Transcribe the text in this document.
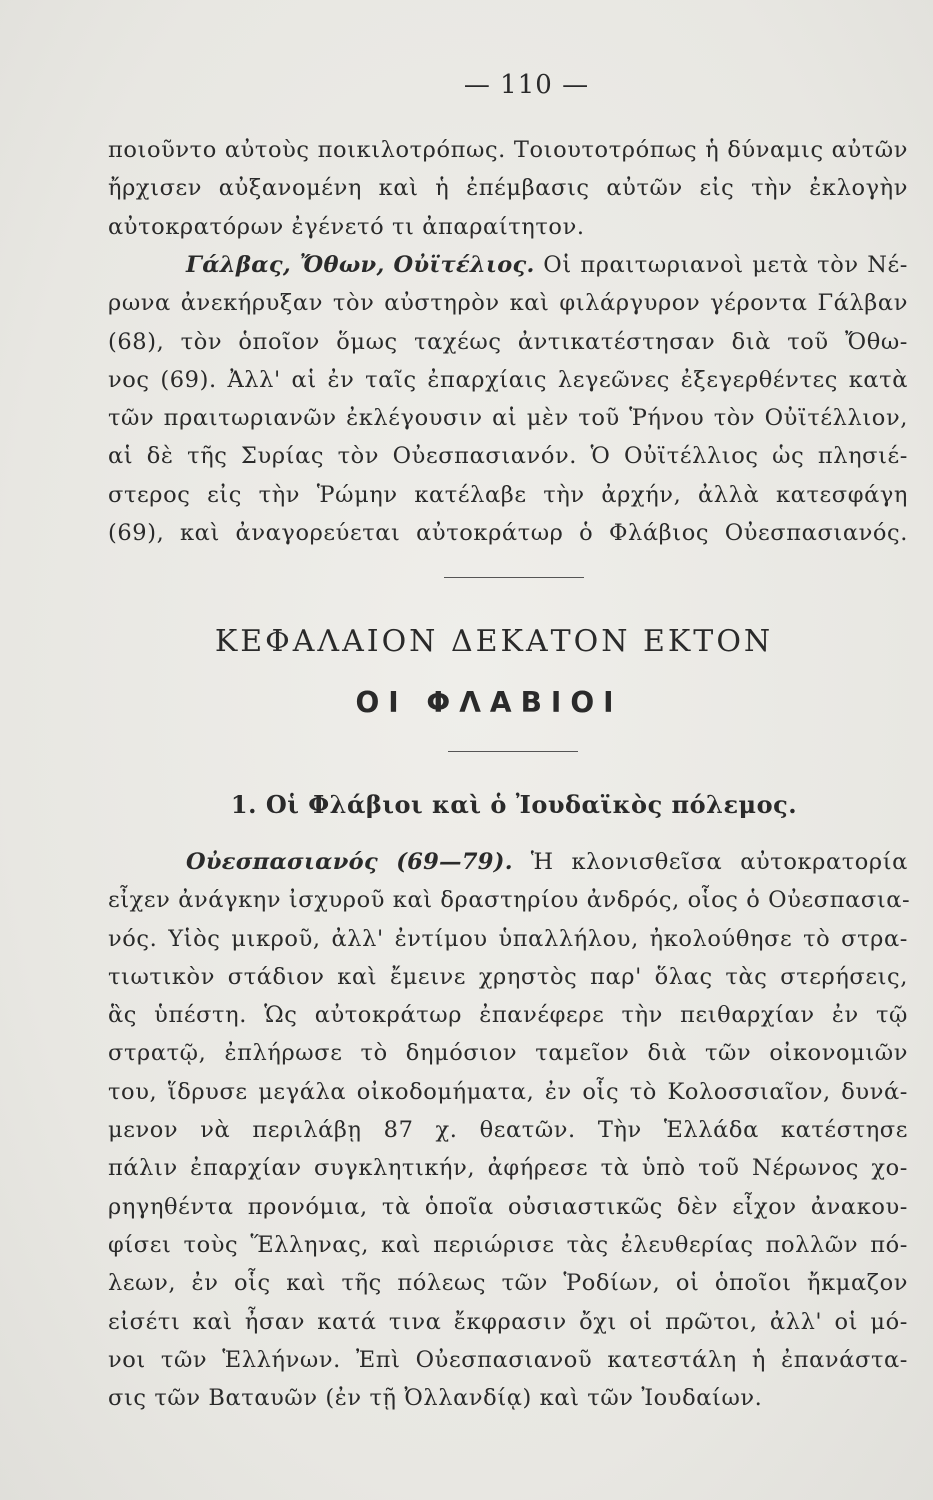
— 110 —
ποιοῦντο αὐτοὺς ποικιλοτρόπως. Τοιουτοτρόπως ἡ δύναμις αὐτῶν
ἤρχισεν αὐξανομένη καὶ ἡ ἐπέμβασις αὐτῶν εἰς τὴν ἐκλογὴν
αὐτοκρατόρων ἐγένετό τι ἀπαραίτητον.
Γάλβας, Ὄθων, Οὐϊτέλιος. Οἱ πραιτωριανοὶ μετὰ τὸν Νέ-
ρωνα ἀνεκήρυξαν τὸν αὐστηρὸν καὶ φιλάργυρον γέροντα Γάλβαν
(68), τὸν ὁποῖον ὅμως ταχέως ἀντικατέστησαν διὰ τοῦ Ὄθω-
νος (69). Ἀλλ' αἱ ἐν ταῖς ἐπαρχίαις λεγεῶνες ἐξεγερθέντες κατὰ
τῶν πραιτωριανῶν ἐκλέγουσιν αἱ μὲν τοῦ Ῥήνου τὸν Οὐϊτέλλιον,
αἱ δὲ τῆς Συρίας τὸν Οὐεσπασιανόν. Ὁ Οὐϊτέλλιος ὡς πλησιέ-
στερος εἰς τὴν Ῥώμην κατέλαβε τὴν ἀρχήν, ἀλλὰ κατεσφάγη
(69), καὶ ἀναγορεύεται αὐτοκράτωρ ὁ Φλάβιος Οὐεσπασιανός.
ΚΕΦΑΛΑΙΟΝ ΔΕΚΑΤΟΝ ΕΚΤΟΝ
ΟΙ ΦΛΑΒΙΟΙ
1. Οἱ Φλάβιοι καὶ ὁ Ἰουδαϊκὸς πόλεμος.
Οὐεσπασιανός (69—79). Ἡ κλονισθεῖσα αὐτοκρατορία
εἶχεν ἀνάγκην ἰσχυροῦ καὶ δραστηρίου ἀνδρός, οἷος ὁ Οὐεσπασια-
νός. Υἱὸς μικροῦ, ἀλλ' ἐντίμου ὑπαλλήλου, ἠκολούθησε τὸ στρα-
τιωτικὸν στάδιον καὶ ἔμεινε χρηστὸς παρ' ὅλας τὰς στερήσεις,
ἃς ὑπέστη. Ὡς αὐτοκράτωρ ἐπανέφερε τὴν πειθαρχίαν ἐν τῷ
στρατῷ, ἐπλήρωσε τὸ δημόσιον ταμεῖον διὰ τῶν οἰκονομιῶν
του, ἵδρυσε μεγάλα οἰκοδομήματα, ἐν οἷς τὸ Κολοσσιαῖον, δυνά-
μενον νὰ περιλάβῃ 87 χ. θεατῶν. Τὴν Ἑλλάδα κατέστησε
πάλιν ἐπαρχίαν συγκλητικήν, ἀφήρεσε τὰ ὑπὸ τοῦ Νέρωνος χο-
ρηγηθέντα προνόμια, τὰ ὁποῖα οὐσιαστικῶς δὲν εἶχον ἀνακου-
φίσει τοὺς Ἕλληνας, καὶ περιώρισε τὰς ἐλευθερίας πολλῶν πό-
λεων, ἐν οἷς καὶ τῆς πόλεως τῶν Ῥοδίων, οἱ ὁποῖοι ἤκμαζον
εἰσέτι καὶ ἦσαν κατά τινα ἔκφρασιν ὄχι οἱ πρῶτοι, ἀλλ' οἱ μό-
νοι τῶν Ἑλλήνων. Ἐπὶ Οὐεσπασιανοῦ κατεστάλη ἡ ἐπανάστα-
σις τῶν Βαταυῶν (ἐν τῇ Ὀλλανδίᾳ) καὶ τῶν Ἰουδαίων.
